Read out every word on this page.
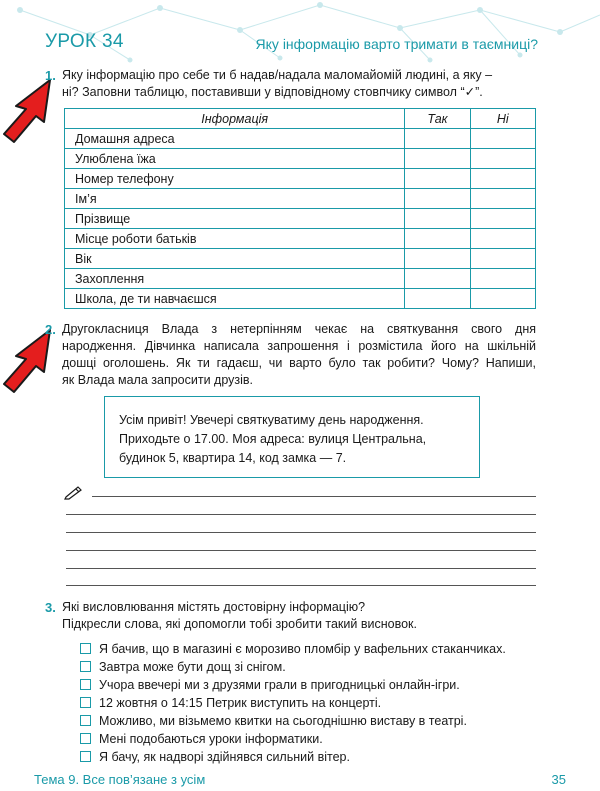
УРОК 34	Яку інформацію варто тримати в таємниці?
1. Яку інформацію про себе ти б надав/надала маломайомій людині, а яку –
ні? Заповни таблицю, поставивши у відповідному стовпчику символ “✓”.
Інформація	Так	Ні
Домашня адреса		
Улюблена їжа		
Номер телефону		
Ім’я		
Прізвище		
Місце роботи батьків		
Вік		
Захоплення		
Школа, де ти навчаєшся		
2. Другокласниця Влада з нетерпінням чекає на святкування свого дня
народження. Дівчинка написала запрошення і розмістила його на шкільній
дошці оголошень. Як ти гадаєш, чи варто було так робити? Чому? Напиши,
як Влада мала запросити друзів.
Усім привіт! Увечері святкуватиму день народження.
Приходьте о 17.00. Моя адреса: вулиця Центральна,
будинок 5, квартира 14, код замка — 7.
3. Які висловлювання містять достовірну інформацію?
Підкресли слова, які допомогли тобі зробити такий висновок.
Я бачив, що в магазині є морозиво пломбір у вафельних стаканчиках.
Завтра може бути дощ зі снігом.
Учора ввечері ми з друзями грали в пригодницькі онлайн-ігри.
12 жовтня о 14:15 Петрик виступить на концерті.
Можливо, ми візьмемо квитки на сьогоднішню виставу в театрі.
Мені подобаються уроки інформатики.
Я бачу, як надворі здійнявся сильний вітер.
Тема 9. Все пов’язане з усім	35
